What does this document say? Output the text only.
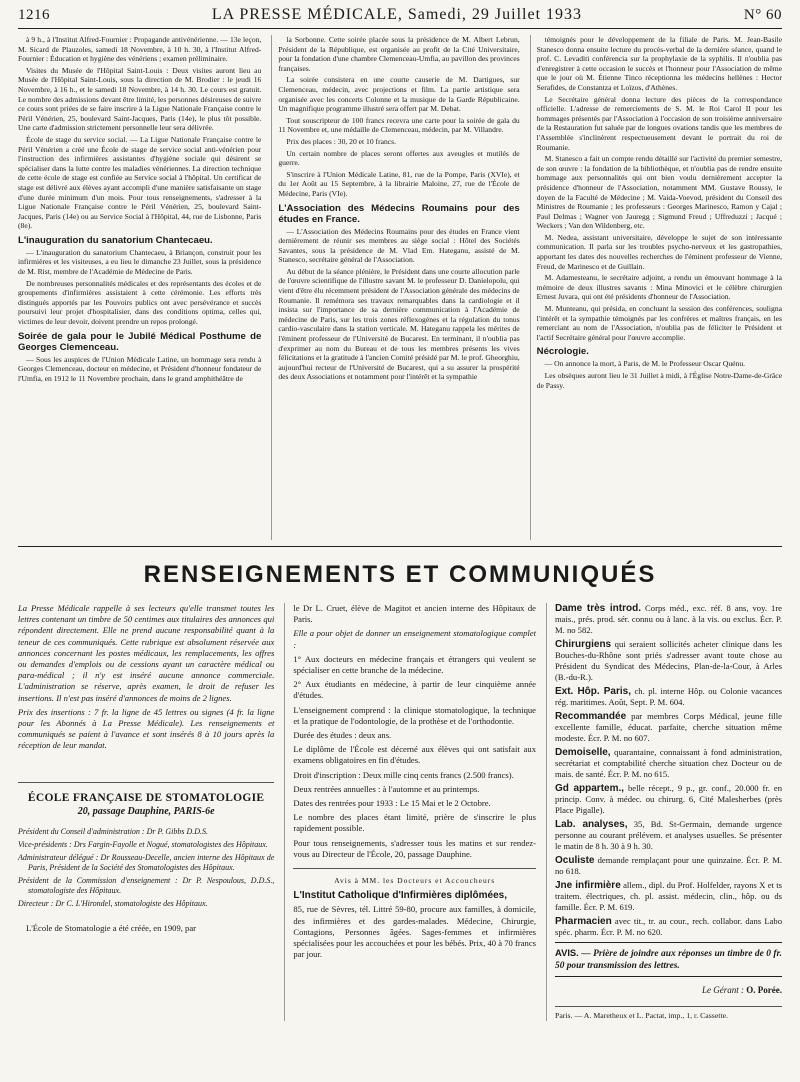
1216	LA PRESSE MÉDICALE, Samedi, 29 Juillet 1933	N° 60

à 9 h., à l'Institut Alfred-Fournier : Propagande antivénérienne. — 13e leçon, M. Sicard de Plauzoles, samedi 18 Novembre, à 10 h. 30, à l'Institut Alfred-Fournier : Éducation et hygiène des vénériens ; examen préliminaire.

Visites du Musée de l'Hôpital Saint-Louis : Deux visites auront lieu au Musée de l'Hôpital Saint-Louis, sous la direction de M. Brodier : le jeudi 16 Novembre, à 16 h., et le samedi 18 Novembre, à 14 h. 30. Le cours est gratuit. Le nombre des admissions devant être limité, les personnes désireuses de suivre ce cours sont priées de se faire inscrire à la Ligue Nationale Française contre le Péril Vénérien, 25, boulevard Saint-Jacques, Paris (14e), le plus tôt possible. Une carte d'admission strictement personnelle leur sera délivrée.

École de stage du service social. — La Ligue Nationale Française contre le Péril Vénérien a créé une École de stage de service social anti-vénérien pour l'instruction des infirmières assistantes d'hygiène sociale qui désirent se spécialiser dans la lutte contre les maladies vénériennes. La direction technique de cette école de stage est confiée au Service social à l'hôpital. Un certificat de stage est délivré aux élèves ayant accompli d'une manière satisfaisante un stage d'une durée minimum d'un mois. Pour tous renseignements, s'adresser à la Ligue Nationale Française contre le Péril Vénérien, 25, boulevard Saint-Jacques, Paris (14e) ou au Service Social à l'Hôpital, 44, rue de Lisbonne, Paris (8e).

L'inauguration du sanatorium Chantecaeu.

— L'inauguration du sanatorium Chantecaeu, à Briançon, construit pour les infirmières et les visiteuses, a eu lieu le dimanche 23 Juillet, sous la présidence de M. Rist, membre de l'Académie de Médecine de Paris.

De nombreuses personnalités médicales et des représentants des écoles et de groupements d'infirmières assistaient à cette cérémonie. Les efforts très distingués apportés par les Pouvoirs publics ont avec persévérance et succès poursuivi leur projet d'hospitalisier, dans des conditions optima, celles qui, victimes de leur devoir, doivent prendre un repos prolongé.

Soirée de gala pour le Jubilé Médical Posthume de Georges Clemenceau.

— Sous les auspices de l'Union Médicale Latine, un hommage sera rendu à Georges Clemenceau, docteur en médecine, et Président d'honneur fondateur de l'Umfia, en 1912 le 11 Novembre prochain, dans le grand amphithéâtre de

la Sorbonne. Cette soirée placée sous la présidence de M. Albert Lebrun, Président de la République, est organisée au profit de la Cité Universitaire, pour la fondation d'une chambre Clemenceau-Umfia, au pavillon des provinces françaises.

La soirée consistera en une courte causerie de M. Dartigues, sur Clemenceau, médecin, avec projections et film. La partie artistique sera organisée avec les concerts Colonne et la musique de la Garde Républicaine. Un magnifique programme illustré sera offert par M. Debat.

Tout souscripteur de 100 francs recevra une carte pour la soirée de gala du 11 Novembre et, une médaille de Clemenceau, médecin, par M. Villandre.

Prix des places : 30, 20 et 10 francs.

Un certain nombre de places seront offertes aux aveugles et mutilés de guerre.

S'inscrire à l'Union Médicale Latine, 81, rue de la Pompe, Paris (XVIe), et du 1er Août au 15 Septembre, à la librairie Maloine, 27, rue de l'École de Médecine, Paris (VIe).

L'Association des Médecins Roumains pour des études en France.

— L'Association des Médecins Roumains pour des études en France vient dernièrement de réunir ses membres au siège social : Hôtel des Sociétés Savantes, sous la présidence de M. Vlad Em. Hateganu, assisté de M. Stanesco, secrétaire général de l'Association.

Au début de la séance plénière, le Président dans une courte allocution parle de l'œuvre scientifique de l'illustre savant M. le professeur D. Danielopolu, qui vient d'être élu récemment président de l'Association générale des médecins de Roumanie. Il remémora ses travaux remarquables dans la cardiologie et il insista sur l'importance de sa dernière communication à l'Académie de médecine de Paris, sur les trois zones réflexogènes et la régulation du tonus cardio-vasculaire dans la station verticale. M. Hateganu rappela les mérites de l'éminent professeur de l'Université de Bucarest. En terminant, il n'oublia pas d'exprimer au nom du Bureau et de tous les membres présents les vives félicitations et la gratitude à l'ancien Comité présidé par M. le prof. Gheorghiu, aujourd'hui recteur de l'Université de Bucarest, qui a su assurer la prospérité des deux Associations et notamment pour l'intérêt et la sympathie

témoignés pour le développement de la filiale de Paris. M. Jean-Basile Stanesco donna ensuite lecture du procès-verbal de la dernière séance, quand le prof. C. Levaditi conférencia sur la prophylaxie de la syphilis. Il n'oublia pas d'enregistrer à cette occasion le succès et l'honneur pour l'Association de même que le jour où M. Étienne Tinco réceptionna les médecins hellènes : Hector Serafides, de Constantza et Loïzos, d'Athènes.

Le Secrétaire général donna lecture des pièces de la correspondance officielle. L'adresse de remerciements de S. M. le Roi Carol II pour les hommages présentés par l'Association à l'occasion de son troisième anniversaire de la Restauration fut saluée par de longues ovations tandis que les membres de l'Assemblée s'inclinèrent respectueusement devant le portrait du roi de Roumanie.

M. Stanesco a fait un compte rendu détaillé sur l'activité du premier semestre, de son œuvre : la fondation de la bibliothèque, et n'oublia pas de rendre ensuite hommage aux personnalités qui ont bien voulu dernièrement accepter la présidence d'honneur de l'Association, notamment MM. Gustave Roussy, le doyen de la Faculté de Médecine ; M. Vaida-Voevod, président du Conseil des Ministres de Roumanie ; les professeurs : Georges Marinesco, Ramon y Cajal ; Paul Delmas ; Wagner von Jauregg ; Sigmund Freud ; Uffreduzzi ; Jacqué ; Weckers ; Van den Wildenberg, etc.

M. Nedea, assistant universitaire, développe le sujet de son intéressante communication. Il parla sur les troubles psycho-nerveux et les gastropathies, apportant les dates des nouvelles recherches de l'éminent professeur de Vienne, Freud, de Marinesco et de Guillain.

M. Adamesteanu, le secrétaire adjoint, a rendu un émouvant hommage à la mémoire de deux illustres savants : Mina Minovici et le célèbre chirurgien Ernest Juvara, qui ont été présidents d'honneur de l'Association.

M. Munteanu, qui présida, en concluant la session des conférences, souligna l'intérêt et la sympathie témoignés par les confrères et maîtres français, en les remerciant au nom de l'Association, n'oublia pas de féliciter le Président et l'actif Secrétaire général pour l'œuvre accomplie.

Nécrologie.

— On annonce la mort, à Paris, de M. le Professeur Oscar Quénu.

Les obsèques auront lieu le 31 Juillet à midi, à l'Église Notre-Dame-de-Grâce de Passy.

RENSEIGNEMENTS ET COMMUNIQUÉS

La Presse Médicale rappelle à ses lecteurs qu'elle transmet toutes les lettres contenant un timbre de 50 centimes aux titulaires des annonces qui répondent directement. Elle ne prend aucune responsabilité quant à la teneur de ces communiqués. Cette rubrique est absolument réservée aux annonces concernant les postes médicaux, les remplacements, les offres ou demandes d'emplois ou de cessions ayant un caractère médical ou para-médical ; il n'y est inséré aucune annonce commerciale. L'administration se réserve, après examen, le droit de refuser les insertions. Il n'est pas inséré d'annonces de moins de 2 lignes.

Prix des insertions : 7 fr. la ligne de 45 lettres ou signes (4 fr. la ligne pour les Abonnés à La Presse Médicale). Les renseignements et communiqués se paient à l'avance et sont insérés 8 à 10 jours après la réception de leur mandat.

ÉCOLE FRANÇAISE DE STOMATOLOGIE
20, passage Dauphine, PARIS-6e

Président du Conseil d'administration : Dr P. Gibbs D.D.S.

Vice-présidents : Drs Fargin-Fayolle et Nogué, stomatologistes des Hôpitaux.

Administrateur délégué : Dr Rousseau-Decelle, ancien interne des Hôpitaux de Paris, Président de la Société des Stomatologistes des Hôpitaux.

Président de la Commission d'enseignement : Dr P. Nespoulous, D.D.S., stomatologiste des Hôpitaux.

Directeur : Dr C. L'Hirondel, stomatologiste des Hôpitaux.

L'École de Stomatologie a été créée, en 1909, par

le Dr L. Cruet, élève de Magitot et ancien interne des Hôpitaux de Paris.

Elle a pour objet de donner un enseignement stomatologique complet :

1° Aux docteurs en médecine français et étrangers qui veulent se spécialiser en cette branche de la médecine.

2° Aux étudiants en médecine, à partir de leur cinquième année d'études.

L'enseignement comprend : la clinique stomatologique, la technique et la pratique de l'odontologie, de la prothèse et de l'orthodontie.

Durée des études : deux ans.

Le diplôme de l'École est décerné aux élèves qui ont satisfait aux examens obligatoires en fin d'études.

Droit d'inscription : Deux mille cinq cents francs (2.500 francs).

Deux rentrées annuelles : à l'automne et au printemps.

Dates des rentrées pour 1933 : Le 15 Mai et le 2 Octobre.

Le nombre des places étant limité, prière de s'inscrire le plus rapidement possible.

Pour tous renseignements, s'adresser tous les matins et sur rendez-vous au Directeur de l'École, 20, passage Dauphine.

Avis à MM. les Docteurs et Accoucheurs

L'Institut Catholique d'Infirmières diplômées,

85, rue de Sèvres, tél. Littré 59-80, procure aux familles, à domicile, des infirmières et des gardes-malades. Médecine, Chirurgie, Contagions, Personnes âgées. Sages-femmes et infirmières spécialisées pour les accouchées et pour les bébés. Prix, 40 à 70 francs par jour.

Dame très introd. Corps méd., exc. réf. 8 ans, voy. 1re mais., prés. prod. sér. connu ou à lanc. à la vis. ou exclus. Écr. P. M. no 582.

Chirurgiens qui seraient sollicités acheter clinique dans les Bouches-du-Rhône sont priés s'adresser avant toute chose au Président du Syndicat des Médecins, Plan-de-la-Cour, à Arles (B.-du-R.).

Ext. Hôp. Paris, ch. pl. interne Hôp. ou Colonie vacances rég. maritimes. Août, Sept. P. M. 604.

Recommandée par membres Corps Médical, jeune fille excellente famille, éducat. parfaite, cherche situation même modeste. Écr. P. M. no 607.

Demoiselle, quarantaine, connaissant à fond administration, secrétariat et comptabilité cherche situation chez Docteur ou de mais. de santé. Écr. P. M. no 615.

Gd appartem., belle récept., 9 p., gr. conf., 20.000 fr. en princip. Conv. à médec. ou chirurg. 6, Cité Malesherbes (près Place Pigalle).

Lab. analyses, 35, Bd. St-Germain, demande urgence personne au courant prélévem. et analyses usuelles. Se présenter le matin de 8 h. 30 à 9 h. 30.

Oculiste demande remplaçant pour une quinzaine. Écr. P. M. no 618.

Jne infirmière allem., dipl. du Prof. Holfelder, rayons X et ts traitem. électriques, ch. pl. assist. médecin, clin., hôp. ou ds famille. Écr. P. M. 619.

Pharmacien avec tit., tr. au cour., rech. collabor. dans Labo spéc. pharm. Écr. P. M. no 620.

AVIS. — Prière de joindre aux réponses un timbre de 0 fr. 50 pour transmission des lettres.
Le Gérant : O. Porée.
Paris. — A. Maretheux et L. Pactat, imp., 1, r. Cassette.
